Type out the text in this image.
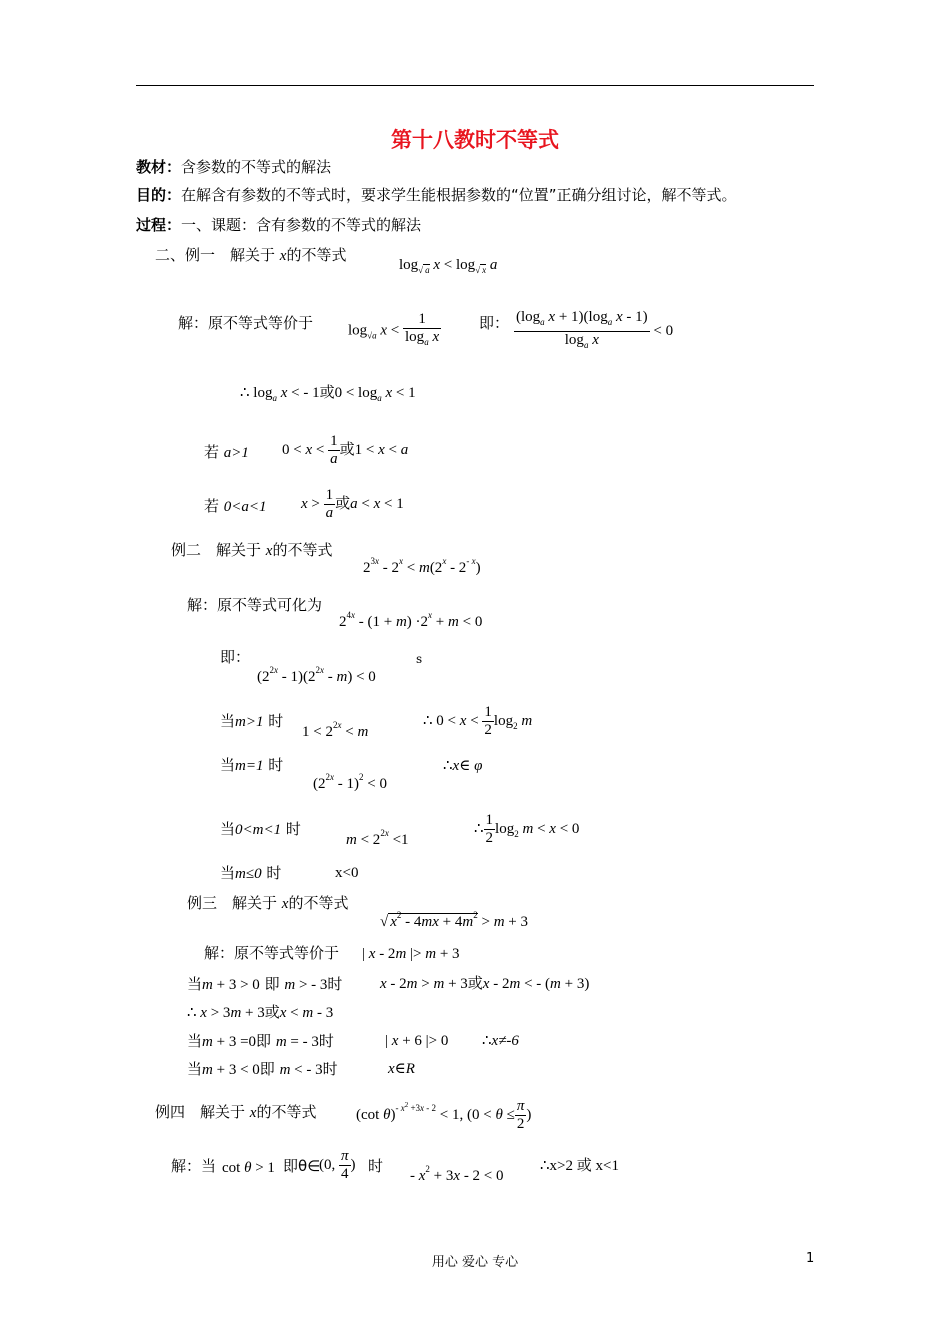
第十八教时不等式
教材：含参数的不等式的解法
目的：在解含有参数的不等式时，要求学生能根据参数的“位置”正确分组讨论，解不等式。
过程：一、课题：含有参数的不等式的解法
二、例一　解关于 x的不等式
$\log_{√ a} x < \log_{√ x} a$
解：原不等式等价于 $\log_{√a} x < \frac{1}{\log_a x}$	即： $\frac{(\log_a x + 1)(\log_a x - 1)}{\log_a x} < 0$
∴ $\log_a x$ < - 1或$0 < \log_a x < 1$
若 a>1 $0 < x < \frac{1}{a}$ 或1 < x < a
若 0<a<1 $x > \frac{1}{a}$ 或a < x < 1
例二　解关于 x的不等式
$2^{3x} - 2^x < m(2^x - 2^{- x})$
解：原不等式可化为
$2^{4x} - (1 + m) \cdot 2^x + m < 0$
即：
$(2^{2x} - 1)(2^{2x} - m) < 0$
s
当m>1 时
$1 < 2^{2x} < m$
∴ $0 < x < \frac{1}{2} \log_2 m$
当m=1 时
$(2^{2x} - 1)^2 < 0$
∴x∈ φ
当0<m<1 时
$m < 2^{2x} <1$
∴ $\frac{1}{2} \log_2 m < x < 0$
当m≤0 时	x<0
例三　解关于 x的不等式
√ $x^2 - 4mx + 4m^2 > m + 3$
解：原不等式等价于 | x - 2m |> m + 3
当m + 3 > 0 即 m > - 3时	x - 2m > m + 3或x - 2m < - (m + 3)
∴ x > 3m + 3或x < m - 3
当m + 3 =0即 m = - 3时	| x + 6 |> 0 ∴x≠-6
当m + 3 < 0即 m < - 3时	x∈R
例四　解关于 x的不等式	(cot θ)$^{- x^2 +3x - 2}$ < 1, ($0 < \theta \le \frac{\pi}{2}$ )
解：当 cot θ > 1 即θ∈
(0, $\frac{\pi}{4}$ ) 时
- $x^2 + 3x - 2 < 0$
∴x>2 或 x<1
用心 爱心 专心	1
